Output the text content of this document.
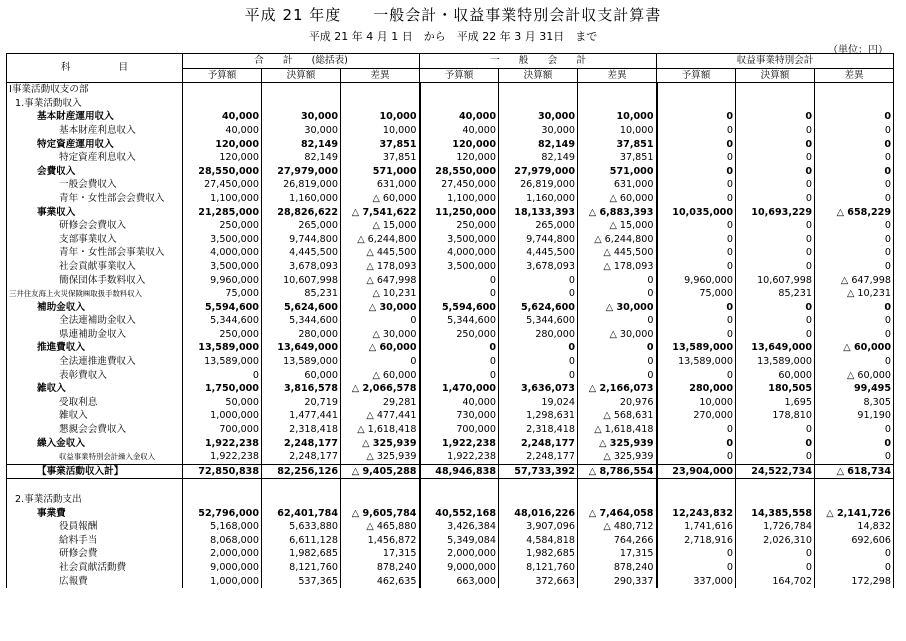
平成 21 年度　　一般会計・収益事業特別会計収支計算書
平成 21 年 4 月 1 日　から　平成 22 年 3 月 31日　まで
（単位：円）
科　　　　　目	合　　計　　(総括表)			一　　般　　会　　計			収益事業特別会計		
	予算額	決算額	差異	予算額	決算額	差異	予算額	決算額	差異
Ⅰ事業活動収支の部									
1.事業活動収入									
基本財産運用収入	40,000	30,000	10,000	40,000	30,000	10,000	0	0	0
基本財産利息収入	40,000	30,000	10,000	40,000	30,000	10,000	0	0	0
特定資産運用収入	120,000	82,149	37,851	120,000	82,149	37,851	0	0	0
特定資産利息収入	120,000	82,149	37,851	120,000	82,149	37,851	0	0	0
会費収入	28,550,000	27,979,000	571,000	28,550,000	27,979,000	571,000	0	0	0
一般会費収入	27,450,000	26,819,000	631,000	27,450,000	26,819,000	631,000	0	0	0
青年・女性部会会費収入	1,100,000	1,160,000	△ 60,000	1,100,000	1,160,000	△ 60,000	0	0	0
事業収入	21,285,000	28,826,622	△ 7,541,622	11,250,000	18,133,393	△ 6,883,393	10,035,000	10,693,229	△ 658,229
研修会会費収入	250,000	265,000	△ 15,000	250,000	265,000	△ 15,000	0	0	0
支部事業収入	3,500,000	9,744,800	△ 6,244,800	3,500,000	9,744,800	△ 6,244,800	0	0	0
青年・女性部会事業収入	4,000,000	4,445,500	△ 445,500	4,000,000	4,445,500	△ 445,500	0	0	0
社会貢献事業収入	3,500,000	3,678,093	△ 178,093	3,500,000	3,678,093	△ 178,093	0	0	0
簡保団体手数料収入	9,960,000	10,607,998	△ 647,998	0	0	0	9,960,000	10,607,998	△ 647,998
三井住友海上火災保険㈱取扱手数料収入	75,000	85,231	△ 10,231	0	0	0	75,000	85,231	△ 10,231
補助金収入	5,594,600	5,624,600	△ 30,000	5,594,600	5,624,600	△ 30,000	0	0	0
全法連補助金収入	5,344,600	5,344,600	0	5,344,600	5,344,600	0	0	0	0
県連補助金収入	250,000	280,000	△ 30,000	250,000	280,000	△ 30,000	0	0	0
推進費収入	13,589,000	13,649,000	△ 60,000	0	0	0	13,589,000	13,649,000	△ 60,000
全法連推進費収入	13,589,000	13,589,000	0	0	0	0	13,589,000	13,589,000	0
表彰費収入	0	60,000	△ 60,000	0	0	0	0	60,000	△ 60,000
雑収入	1,750,000	3,816,578	△ 2,066,578	1,470,000	3,636,073	△ 2,166,073	280,000	180,505	99,495
受取利息	50,000	20,719	29,281	40,000	19,024	20,976	10,000	1,695	8,305
雑収入	1,000,000	1,477,441	△ 477,441	730,000	1,298,631	△ 568,631	270,000	178,810	91,190
懇親会会費収入	700,000	2,318,418	△ 1,618,418	700,000	2,318,418	△ 1,618,418	0	0	0
繰入金収入	1,922,238	2,248,177	△ 325,939	1,922,238	2,248,177	△ 325,939	0	0	0
収益事業特別会計繰入金収入	1,922,238	2,248,177	△ 325,939	1,922,238	2,248,177	△ 325,939	0	0	0
【事業活動収入計】	72,850,838	82,256,126	△ 9,405,288	48,946,838	57,733,392	△ 8,786,554	23,904,000	24,522,734	△ 618,734

2.事業活動支出									
事業費	52,796,000	62,401,784	△ 9,605,784	40,552,168	48,016,226	△ 7,464,058	12,243,832	14,385,558	△ 2,141,726
役員報酬	5,168,000	5,633,880	△ 465,880	3,426,384	3,907,096	△ 480,712	1,741,616	1,726,784	14,832
給料手当	8,068,000	6,611,128	1,456,872	5,349,084	4,584,818	764,266	2,718,916	2,026,310	692,606
研修会費	2,000,000	1,982,685	17,315	2,000,000	1,982,685	17,315	0	0	0
社会貢献活動費	9,000,000	8,121,760	878,240	9,000,000	8,121,760	878,240	0	0	0
広報費	1,000,000	537,365	462,635	663,000	372,663	290,337	337,000	164,702	172,298
